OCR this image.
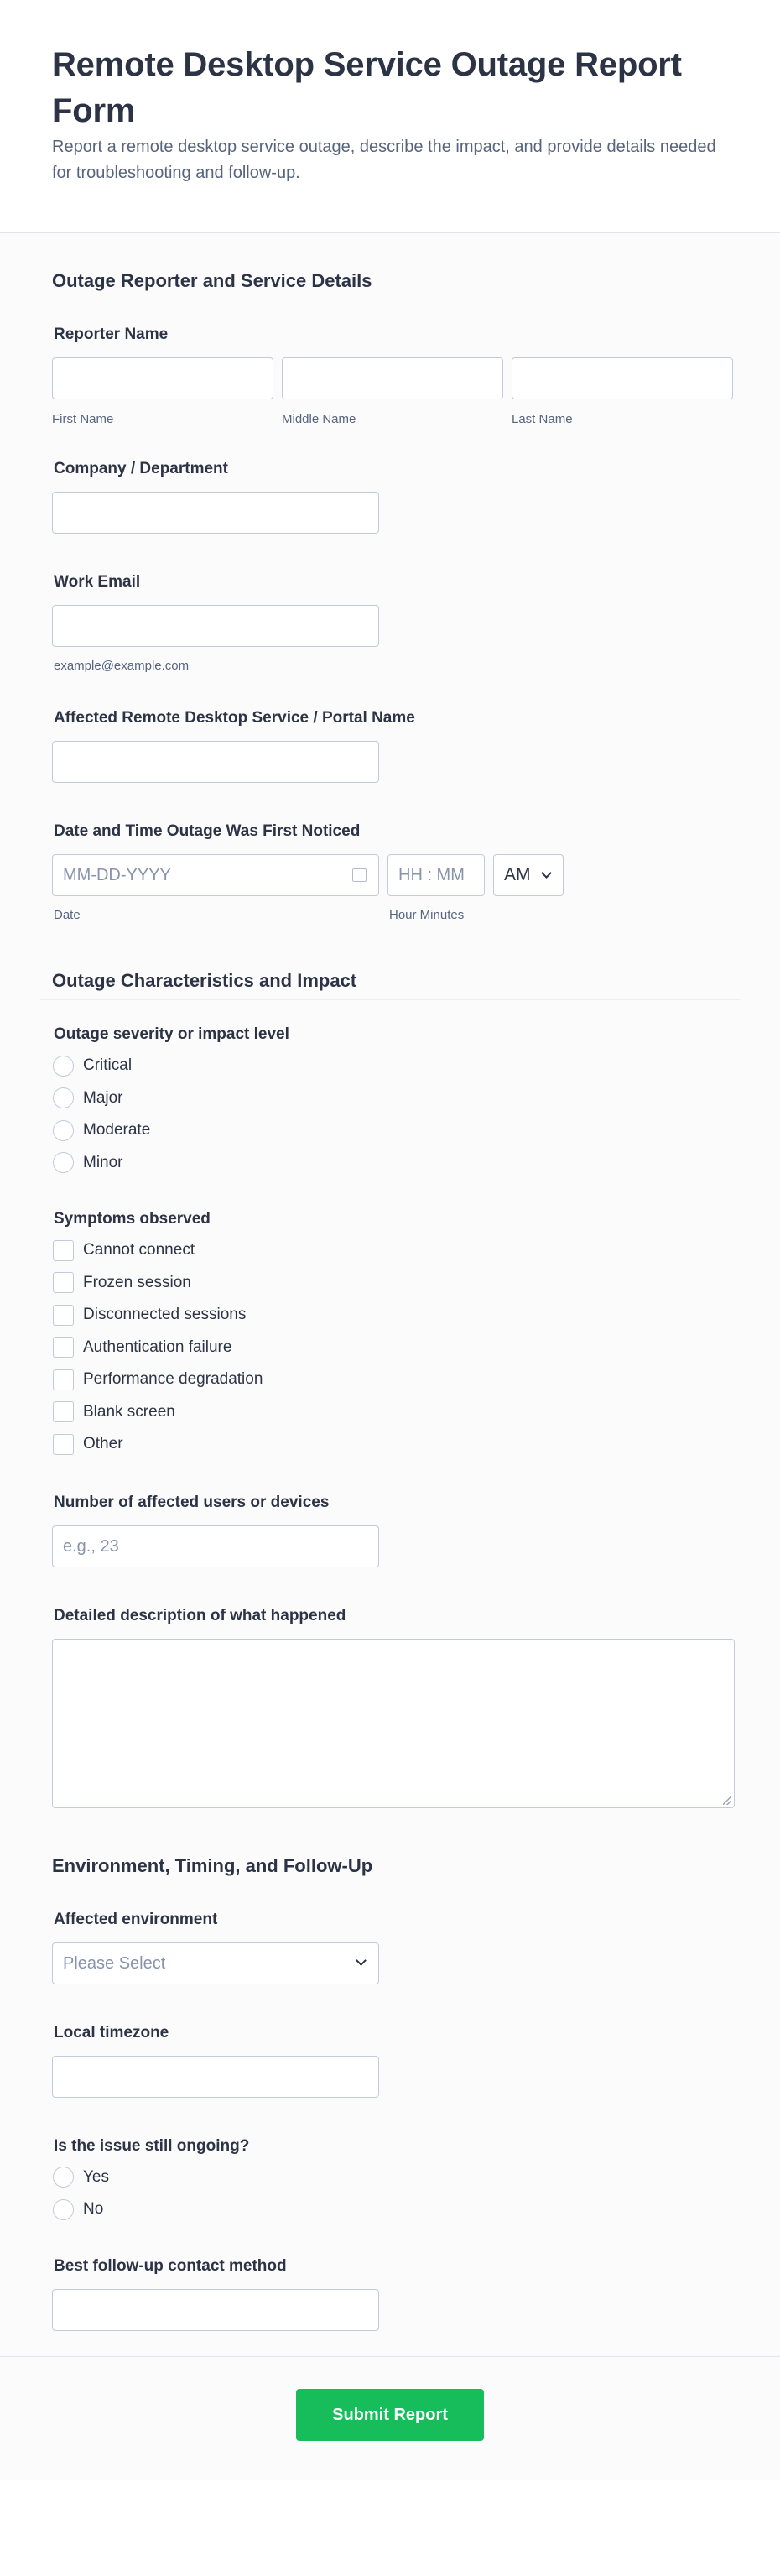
Remote Desktop Service Outage Report Form

Report a remote desktop service outage, describe the impact, and provide details needed for troubleshooting and follow-up.

Outage Reporter and Service Details
Reporter Name
First Name	Middle Name	Last Name
Company / Department
Work Email
example@example.com
Affected Remote Desktop Service / Portal Name
Date and Time Outage Was First Noticed
MM-DD-YYYY
Date
HH : MM
Hour Minutes
AM
Outage Characteristics and Impact
Outage severity or impact level
Critical
Major
Moderate
Minor
Symptoms observed
Cannot connect
Frozen session
Disconnected sessions
Authentication failure
Performance degradation
Blank screen
Other
Number of affected users or devices
e.g., 23
Detailed description of what happened
Environment, Timing, and Follow-Up
Affected environment
Please Select
Local timezone
Is the issue still ongoing?
Yes
No
Best follow-up contact method
Submit Report
